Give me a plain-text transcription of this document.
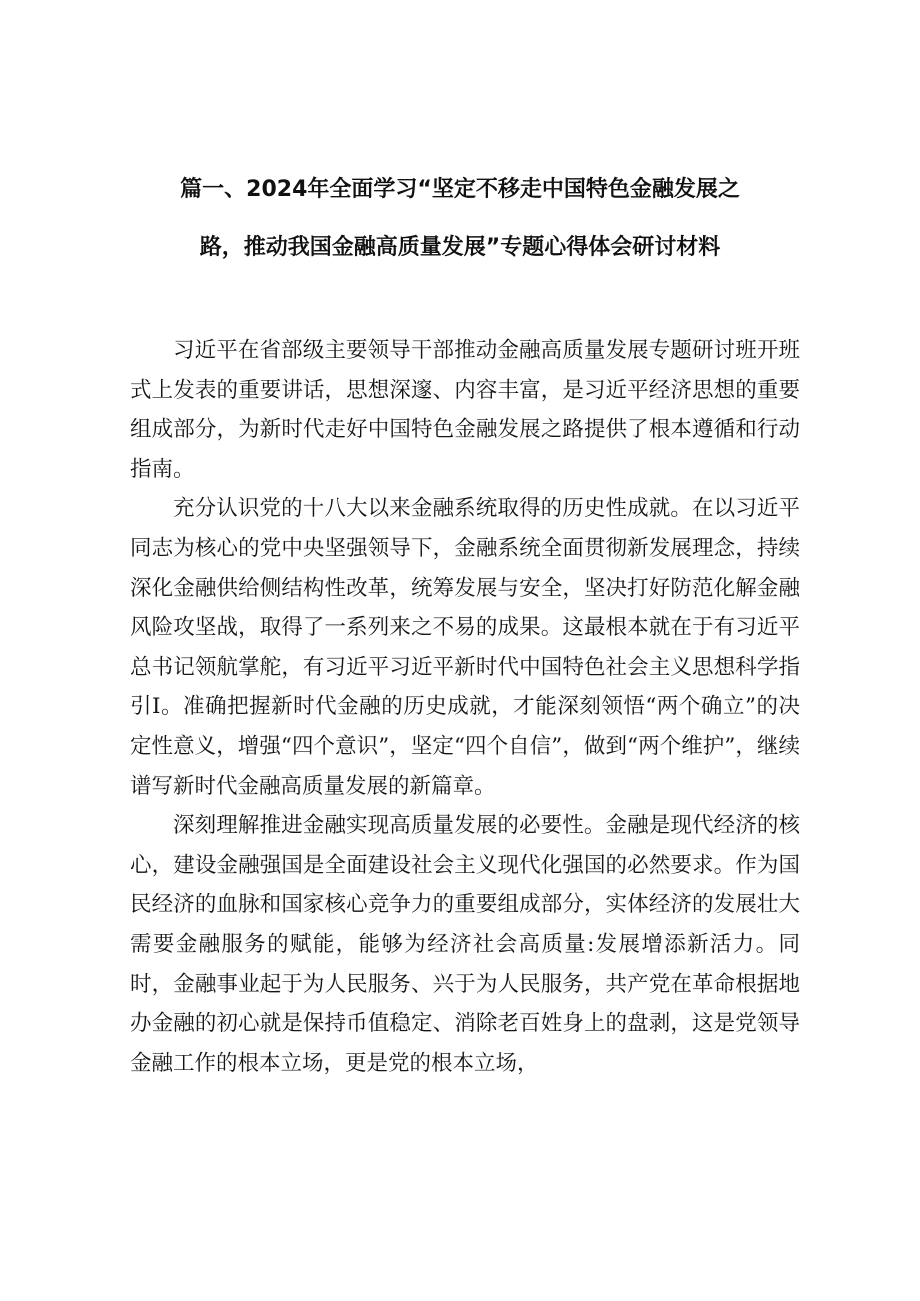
篇一、2024年全面学习“坚定不移走中国特色金融发展之
路，推动我国金融高质量发展”专题心得体会研讨材料

习近平在省部级主要领导干部推动金融高质量发展专题研讨班开班式上发表的重要讲话，思想深邃、内容丰富，是习近平经济思想的重要组成部分，为新时代走好中国特色金融发展之路提供了根本遵循和行动指南。

充分认识党的十八大以来金融系统取得的历史性成就。在以习近平同志为核心的党中央坚强领导下，金融系统全面贯彻新发展理念，持续深化金融供给侧结构性改革，统筹发展与安全，坚决打好防范化解金融风险攻坚战，取得了一系列来之不易的成果。这最根本就在于有习近平总书记领航掌舵，有习近平习近平新时代中国特色社会主义思想科学指引I。准确把握新时代金融的历史成就，才能深刻领悟“两个确立”的决定性意义，增强“四个意识”，坚定“四个自信”，做到“两个维护”，继续谱写新时代金融高质量发展的新篇章。

深刻理解推进金融实现高质量发展的必要性。金融是现代经济的核心，建设金融强国是全面建设社会主义现代化强国的必然要求。作为国民经济的血脉和国家核心竞争力的重要组成部分，实体经济的发展壮大需要金融服务的赋能，能够为经济社会高质量:发展增添新活力。同时，金融事业起于为人民服务、兴于为人民服务，共产党在革命根据地办金融的初心就是保持币值稳定、消除老百姓身上的盘剥，这是党领导金融工作的根本立场，更是党的根本立场，
